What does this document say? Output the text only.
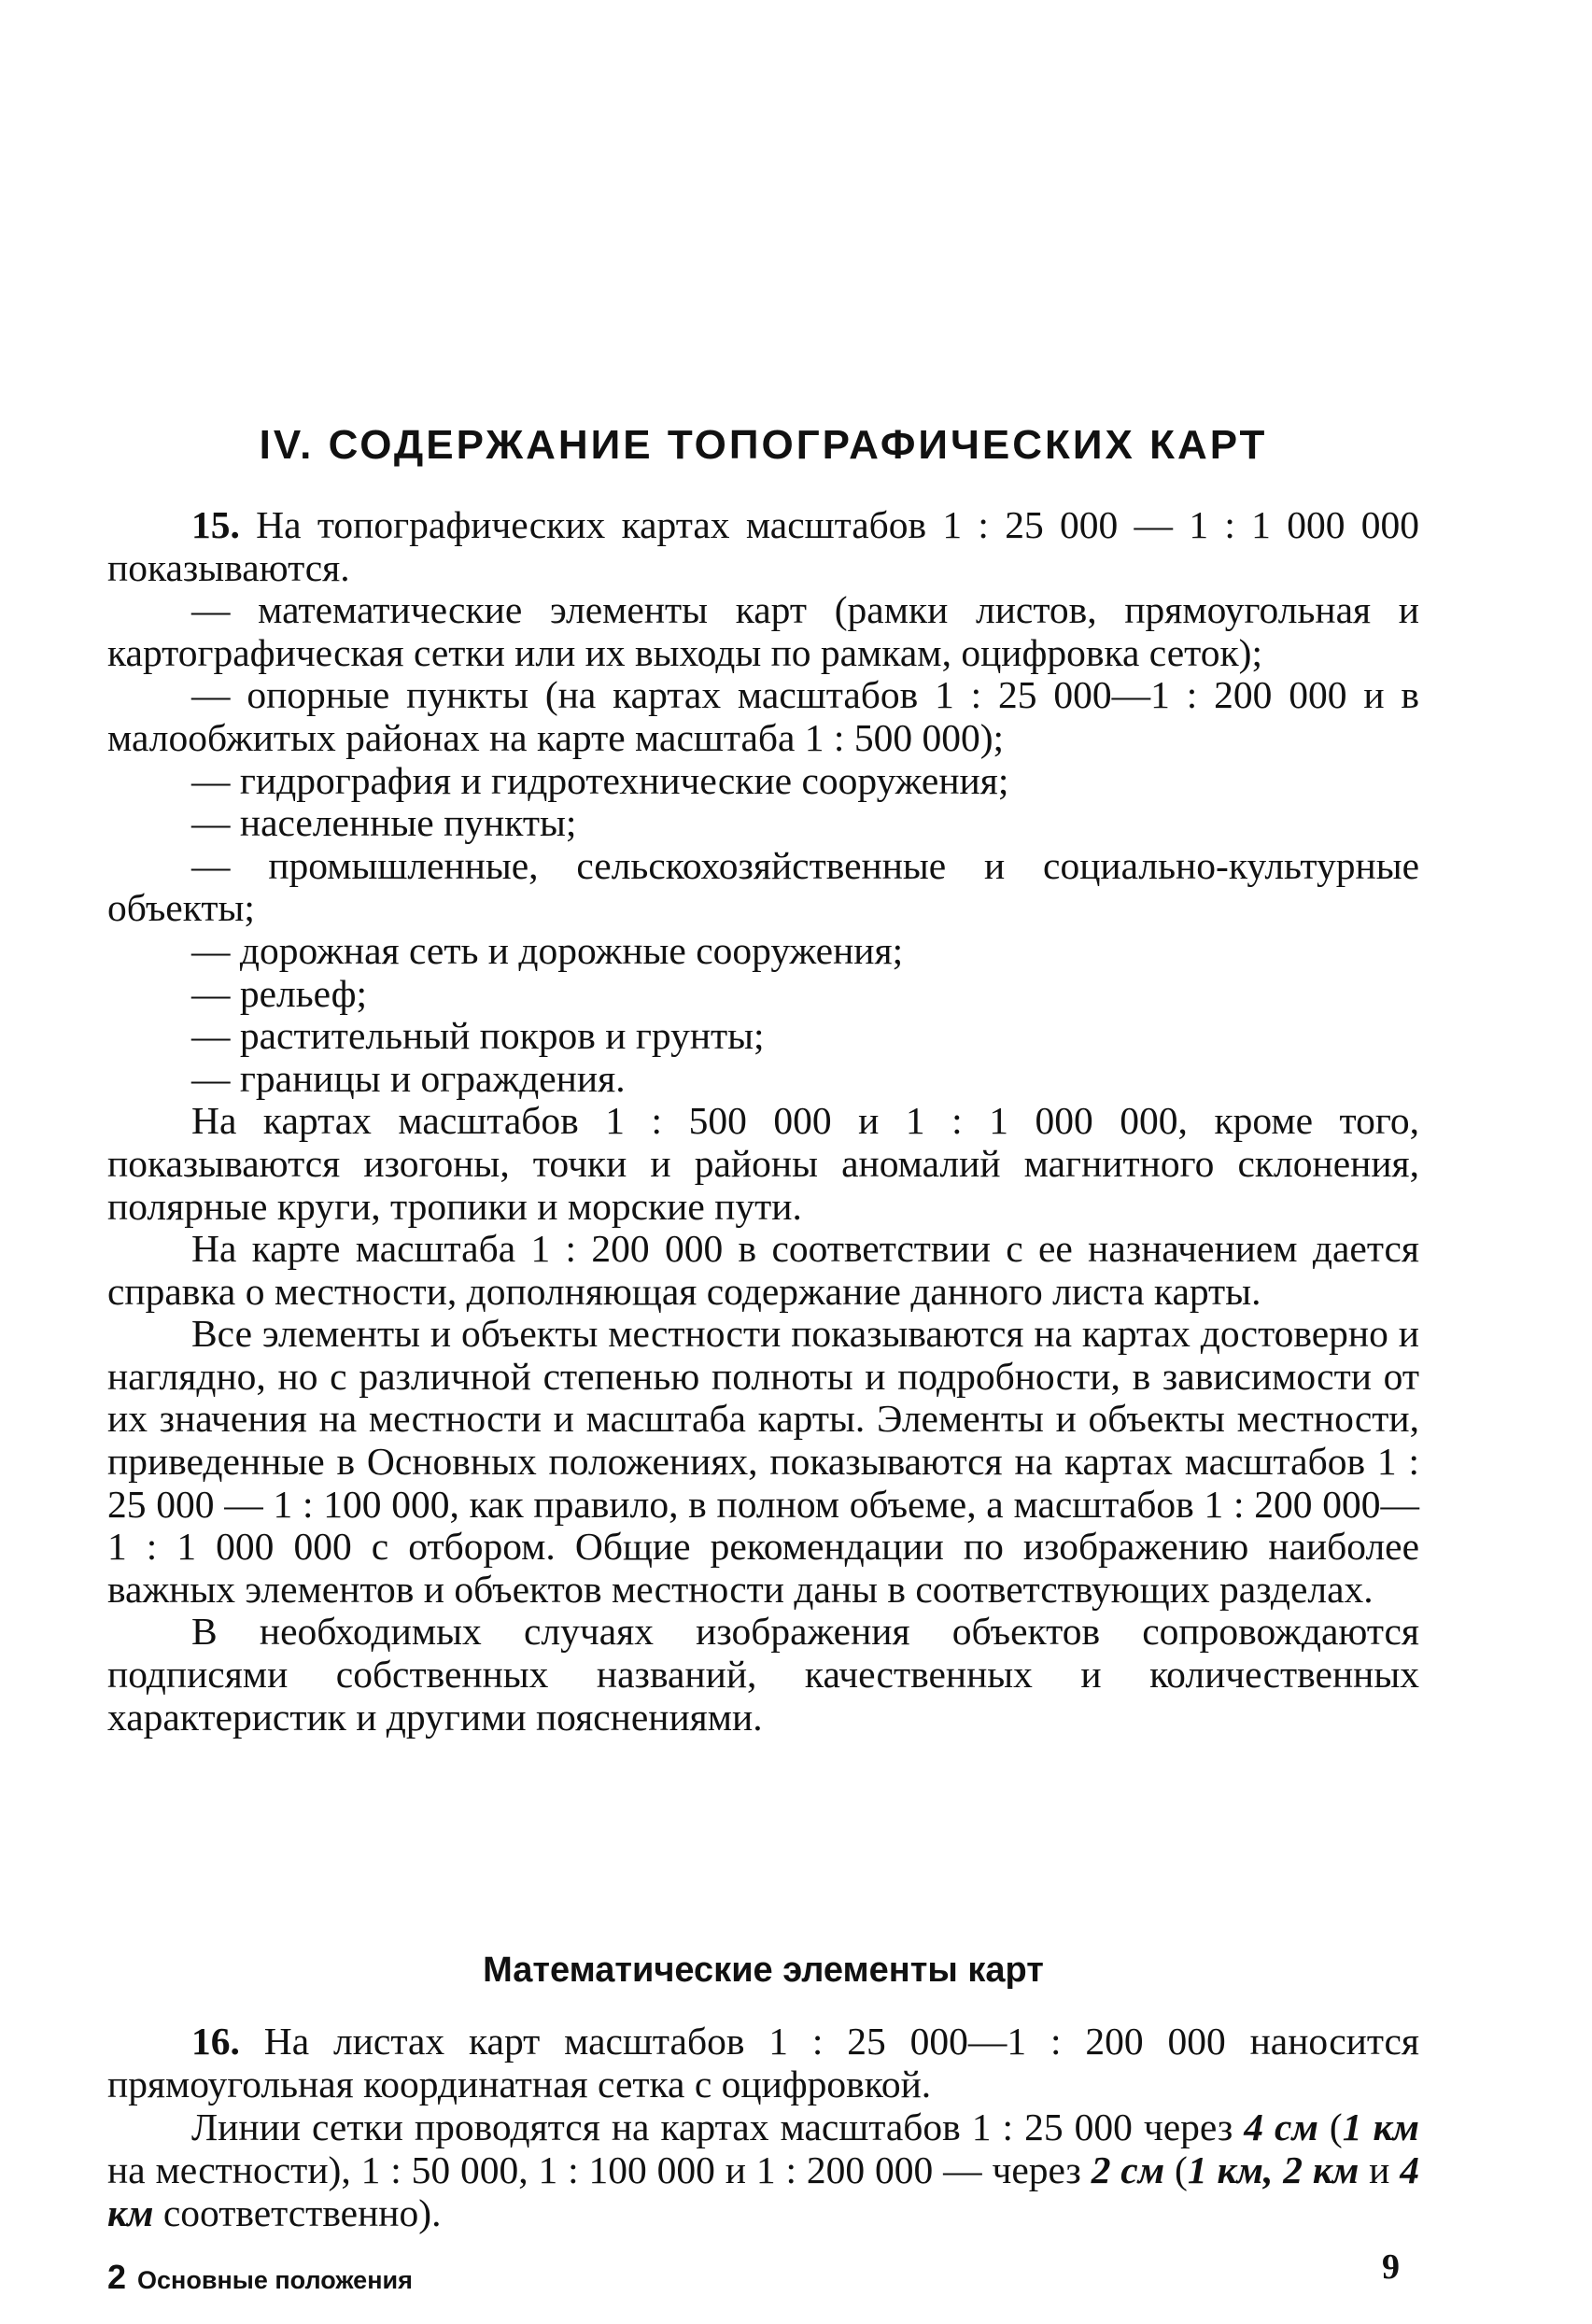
IV. СОДЕРЖАНИЕ ТОПОГРАФИЧЕСКИХ КАРТ

15. На топографических картах масштабов 1 : 25 000 — 1 : 1 000 000 показываются.

— математические элементы карт (рамки листов, прямоугольная и картографическая сетки или их выходы по рамкам, оцифровка сеток);

— опорные пункты (на картах масштабов 1 : 25 000—1 : 200 000 и в малообжитых районах на карте масштаба 1 : 500 000);

— гидрография и гидротехнические сооружения;

— населенные пункты;

— промышленные, сельскохозяйственные и социально-культурные объекты;

— дорожная сеть и дорожные сооружения;

— рельеф;

— растительный покров и грунты;

— границы и ограждения.

На картах масштабов 1 : 500 000 и 1 : 1 000 000, кроме того, показываются изогоны, точки и районы аномалий магнитного склонения, полярные круги, тропики и морские пути.

На карте масштаба 1 : 200 000 в соответствии с ее назначением дается справка о местности, дополняющая содержание данного листа карты.

Все элементы и объекты местности показываются на картах достоверно и наглядно, но с различной степенью полноты и подробности, в зависимости от их значения на местности и масштаба карты. Элементы и объекты местности, приведенные в Основных положениях, показываются на картах масштабов 1 : 25 000 — 1 : 100 000, как правило, в полном объеме, а масштабов 1 : 200 000— 1 : 1 000 000 с отбором. Общие рекомендации по изображению наиболее важных элементов и объектов местности даны в соответствующих разделах.

В необходимых случаях изображения объектов сопровождаются подписями собственных названий, качественных и количественных характеристик и другими пояснениями.

Математические элементы карт

16. На листах карт масштабов 1 : 25 000—1 : 200 000 наносится прямоугольная координатная сетка с оцифровкой.

Линии сетки проводятся на картах масштабов 1 : 25 000 через 4 см (1 км на местности), 1 : 50 000, 1 : 100 000 и 1 : 200 000 — через 2 см (1 км, 2 км и 4 км соответственно).

2 Основные положения	9
